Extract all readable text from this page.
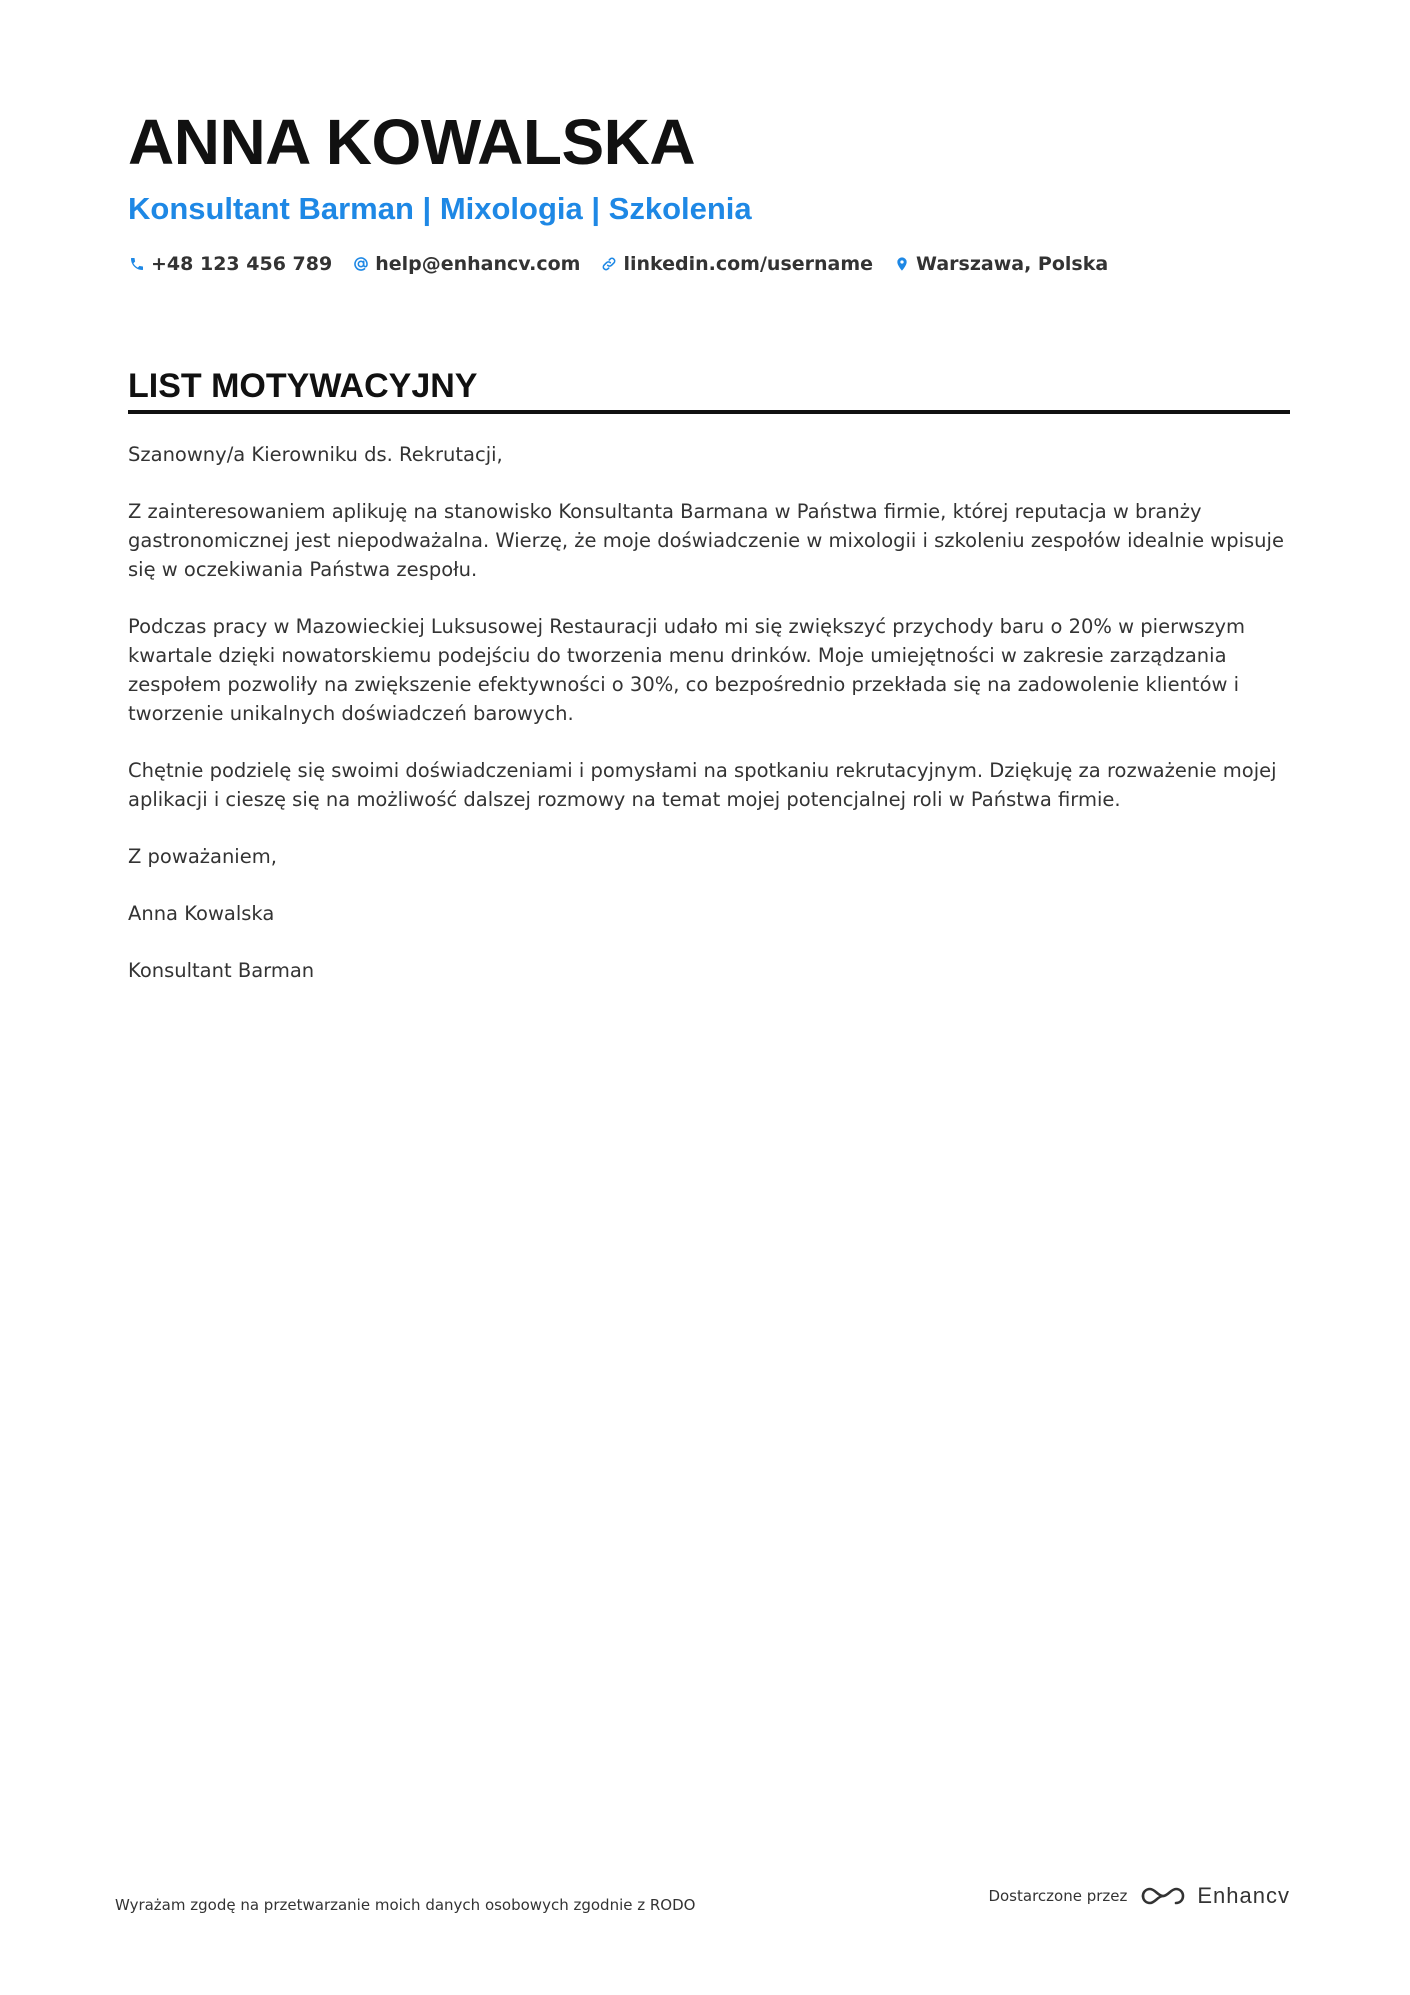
ANNA KOWALSKA
Konsultant Barman | Mixologia | Szkolenia
+48 123 456 789 help@enhancv.com linkedin.com/username Warszawa, Polska
LIST MOTYWACYJNY

Szanowny/a Kierowniku ds. Rekrutacji,

Z zainteresowaniem aplikuję na stanowisko Konsultanta Barmana w Państwa firmie, której reputacja w branży gastronomicznej jest niepodważalna. Wierzę, że moje doświadczenie w mixologii i szkoleniu zespołów idealnie wpisuje się w oczekiwania Państwa zespołu.

Podczas pracy w Mazowieckiej Luksusowej Restauracji udało mi się zwiększyć przychody baru o 20% w pierwszym kwartale dzięki nowatorskiemu podejściu do tworzenia menu drinków. Moje umiejętności w zakresie zarządzania zespołem pozwoliły na zwiększenie efektywności o 30%, co bezpośrednio przekłada się na zadowolenie klientów i tworzenie unikalnych doświadczeń barowych.

Chętnie podzielę się swoimi doświadczeniami i pomysłami na spotkaniu rekrutacyjnym. Dziękuję za rozważenie mojej aplikacji i cieszę się na możliwość dalszej rozmowy na temat mojej potencjalnej roli w Państwa firmie.

Z poważaniem,

Anna Kowalska

Konsultant Barman

Wyrażam zgodę na przetwarzanie moich danych osobowych zgodnie z RODO	Dostarczone przez	Enhancv
